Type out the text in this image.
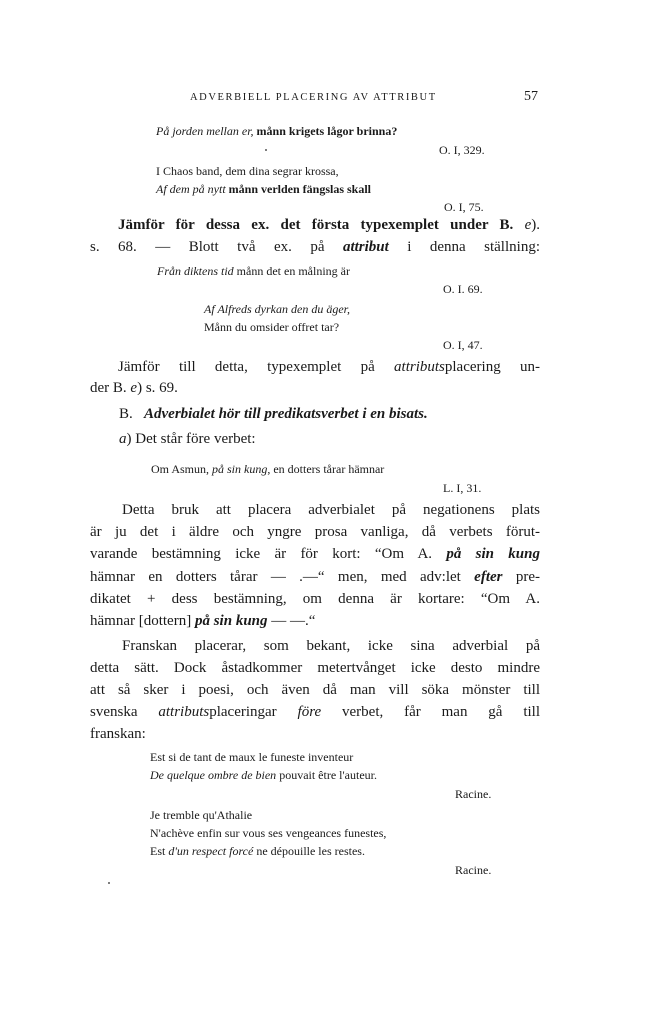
ADVERBIELL PLACERING AV ATTRIBUT	57
På jorden mellan er, månn krigets lågor brinna?
O. I, 329.
I Chaos band, dem dina segrar krossa,
Af dem på nytt månn verlden fängslas skall
O. I, 75.
Jämför för dessa ex. det första typexemplet under B. e).
s. 68. — Blott två ex. på attribut i denna ställning:
Från diktens tid månn det en målning är
O. I. 69.
Af Alfreds dyrkan den du äger,
Månn du omsider offret tar?
O. I, 47.
Jämför till detta, typexemplet på attributsplacering un-
der B. e) s. 69.
B. Adverbialet hör till predikatsverbet i en bisats.
a) Det står före verbet:
Om Asmun, på sin kung, en dotters tårar hämnar
L. I, 31.
Detta bruk att placera adverbialet på negationens plats
är ju det i äldre och yngre prosa vanliga, då verbets förut-
varande bestämning icke är för kort: “Om A. på sin kung
hämnar en dotters tårar — .—“ men, med adv:let efter pre-
dikatet + dess bestämning, om denna är kortare: “Om A.
hämnar [dottern] på sin kung — —.“
Franskan placerar, som bekant, icke sina adverbial på
detta sätt. Dock åstadkommer metertvånget icke desto mindre
att så sker i poesi, och även då man vill söka mönster till
svenska attributsplaceringar före verbet, får man gå till
franskan:
Est si de tant de maux le funeste inventeur
De quelque ombre de bien pouvait être l'auteur.
Racine.
Je tremble qu'Athalie
N'achève enfin sur vous ses vengeances funestes,
Est d'un respect forcé ne dépouille les restes.
Racine.
